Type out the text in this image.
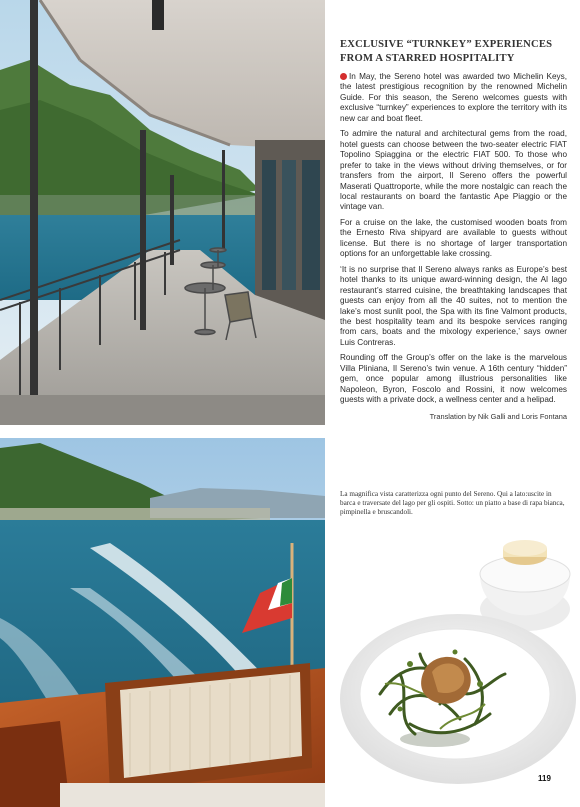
EXCLUSIVE “TURNKEY” EXPERIENCES
FROM A STARRED HOSPITALITY

In May, the Sereno hotel was awarded two Michelin Keys, the latest prestigious recognition by the renowned Michelin Guide. For this season, the Sereno welcomes guests with exclusive “turnkey” experiences to explore the territory with its new car and boat fleet.

To admire the natural and architectural gems from the road, hotel guests can choose between the two-seater electric FIAT Topolino Spiaggina or the electric FIAT 500. To those who prefer to take in the views without driving themselves, or for transfers from the airport, Il Sereno offers the powerful Maserati Quattroporte, while the more nostalgic can reach the local restaurants on board the fantastic Ape Piaggio or the vintage van.

For a cruise on the lake, the customised wooden boats from the Ernesto Riva shipyard are available to guests without license. But there is no shortage of larger transportation options for an unforgettable lake crossing.

‘It is no surprise that Il Sereno always ranks as Europe’s best hotel thanks to its unique award-winning design, the Al lago restaurant’s starred cuisine, the breathtaking landscapes that guests can enjoy from all the 40 suites, not to mention the lake’s most sunlit pool, the Spa with its fine Valmont products, the best hospitality team and its bespoke services ranging from cars, boats and the mixology experience,’ says owner Luis Contreras.

Rounding off the Group’s offer on the lake is the marvelous Villa Pliniana, Il Sereno’s twin venue. A 16th century “hidden” gem, once popular among illustrious personalities like Napoleon, Byron, Foscolo and Rossini, it now welcomes guests with a private dock, a wellness center and a helipad.

Translation by Nik Galli and Loris Fontana
La magnifica vista caratterizza ogni punto del Sereno. Qui a lato:uscite in barca e traversate del lago per gli ospiti. Sotto: un piatto a base di rapa bianca, pimpinella e bruscandoli.
119
